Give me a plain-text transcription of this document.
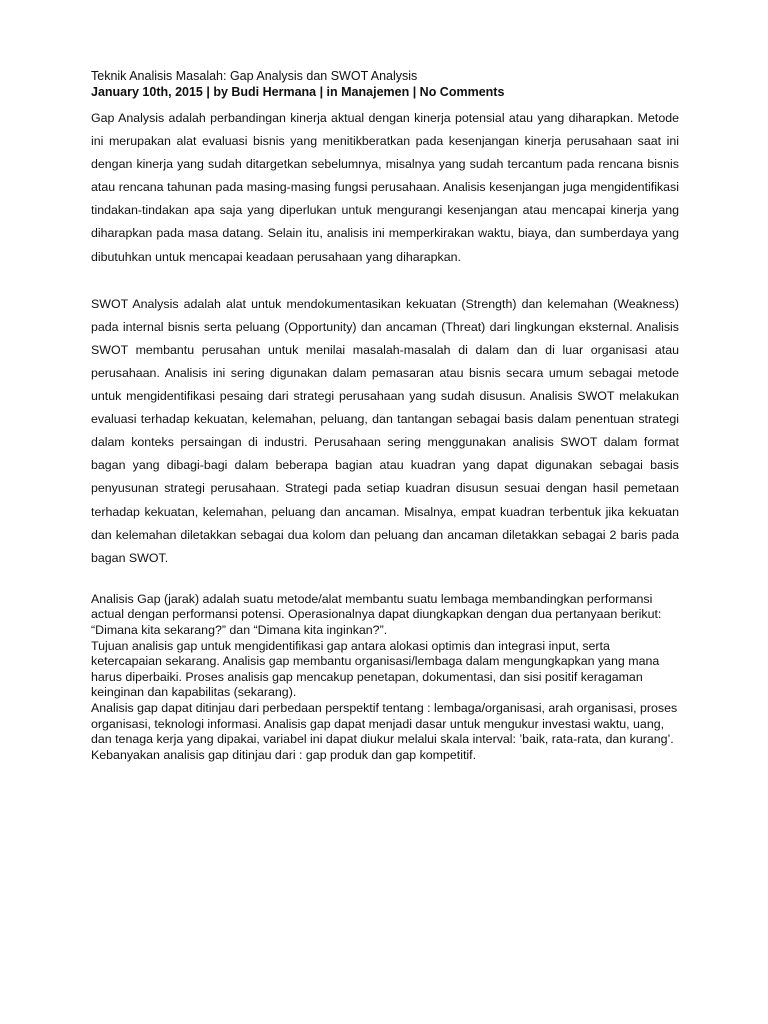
Teknik Analisis Masalah: Gap Analysis dan SWOT Analysis
January 10th, 2015 | by Budi Hermana | in Manajemen | No Comments

Gap Analysis adalah perbandingan kinerja aktual dengan kinerja potensial atau yang diharapkan. Metode ini merupakan alat evaluasi bisnis yang menitikberatkan pada kesenjangan kinerja perusahaan saat ini dengan kinerja yang sudah ditargetkan sebelumnya, misalnya yang sudah tercantum pada rencana bisnis atau rencana tahunan pada masing-masing fungsi perusahaan. Analisis kesenjangan juga mengidentifikasi tindakan-tindakan apa saja yang diperlukan untuk mengurangi kesenjangan atau mencapai kinerja yang diharapkan pada masa datang. Selain itu, analisis ini memperkirakan waktu, biaya, dan sumberdaya yang dibutuhkan untuk mencapai keadaan perusahaan yang diharapkan.

SWOT Analysis adalah alat untuk mendokumentasikan kekuatan (Strength) dan kelemahan (Weakness) pada internal bisnis serta peluang (Opportunity) dan ancaman (Threat) dari lingkungan eksternal. Analisis SWOT membantu perusahan untuk menilai masalah-masalah di dalam dan di luar organisasi atau perusahaan. Analisis ini sering digunakan dalam pemasaran atau bisnis secara umum sebagai metode untuk mengidentifikasi pesaing dari strategi perusahaan yang sudah disusun. Analisis SWOT melakukan evaluasi terhadap kekuatan, kelemahan, peluang, dan tantangan sebagai basis dalam penentuan strategi dalam konteks persaingan di industri. Perusahaan sering menggunakan analisis SWOT dalam format bagan yang dibagi-bagi dalam beberapa bagian atau kuadran yang dapat digunakan sebagai basis penyusunan strategi perusahaan. Strategi pada setiap kuadran disusun sesuai dengan hasil pemetaan terhadap kekuatan, kelemahan, peluang dan ancaman. Misalnya, empat kuadran terbentuk jika kekuatan dan kelemahan diletakkan sebagai dua kolom dan peluang dan ancaman diletakkan sebagai 2 baris pada bagan SWOT.

Analisis Gap (jarak) adalah suatu metode/alat membantu suatu lembaga membandingkan performansi actual dengan performansi potensi. Operasionalnya dapat diungkapkan dengan dua pertanyaan berikut: “Dimana kita sekarang?” dan “Dimana kita inginkan?”.

Tujuan analisis gap untuk mengidentifikasi gap antara alokasi optimis dan integrasi input, serta ketercapaian sekarang. Analisis gap membantu organisasi/lembaga dalam mengungkapkan yang mana harus diperbaiki. Proses analisis gap mencakup penetapan, dokumentasi, dan sisi positif keragaman keinginan dan kapabilitas (sekarang).

Analisis gap dapat ditinjau dari perbedaan perspektif tentang : lembaga/organisasi, arah organisasi, proses organisasi, teknologi informasi. Analisis gap dapat menjadi dasar untuk mengukur investasi waktu, uang, dan tenaga kerja yang dipakai, variabel ini dapat diukur melalui skala interval: ’baik, rata-rata, dan kurang’. Kebanyakan analisis gap ditinjau dari : gap produk dan gap kompetitif.
